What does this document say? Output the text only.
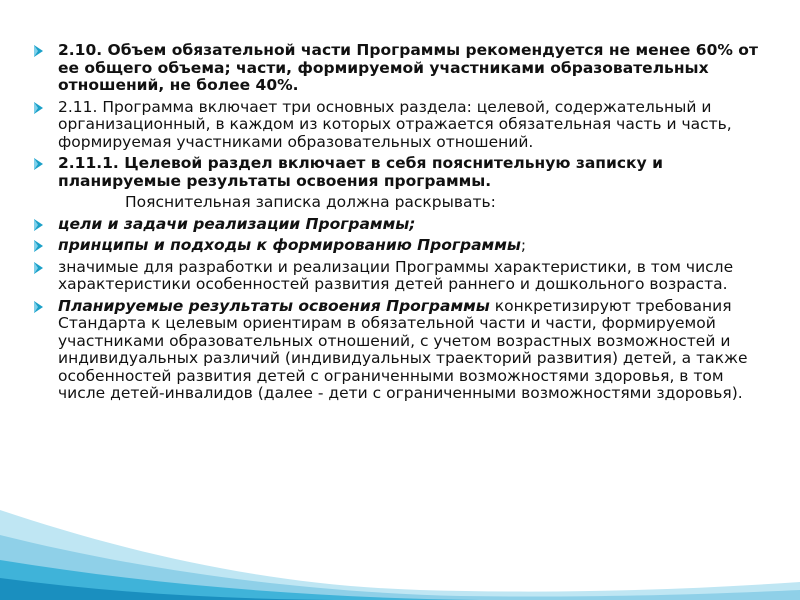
2.10. Объем обязательной части Программы рекомендуется не менее 60% от ее общего объема; части, формируемой участниками образовательных отношений, не более 40%.
2.11. Программа включает три основных раздела: целевой, содержательный и организационный, в каждом из которых отражается обязательная часть и часть, формируемая участниками образовательных отношений.
2.11.1. Целевой раздел включает в себя пояснительную записку и планируемые результаты освоения программы.
Пояснительная записка должна раскрывать:
цели и задачи реализации Программы;
принципы и подходы к формированию Программы;
значимые для разработки и реализации Программы характеристики, в том числе характеристики особенностей развития детей раннего и дошкольного возраста.
Планируемые результаты освоения Программы конкретизируют требования Стандарта к целевым ориентирам в обязательной части и части, формируемой участниками образовательных отношений, с учетом возрастных возможностей и индивидуальных различий (индивидуальных траекторий развития) детей, а также особенностей развития детей с ограниченными возможностями здоровья, в том числе детей-инвалидов (далее - дети с ограниченными возможностями здоровья).
